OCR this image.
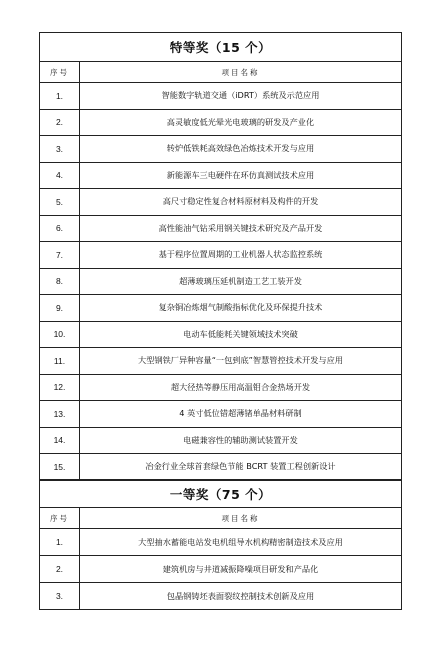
特等奖（15 个）	
序号	项目名称
1.	智能数字轨道交通（iDRT）系统及示范应用
2.	高灵敏度低光晕光电玻璃的研发及产业化
3.	转炉低铁耗高效绿色冶炼技术开发与应用
4.	新能源车三电硬件在环仿真测试技术应用
5.	高尺寸稳定性复合材料原材料及构件的开发
6.	高性能油气钻采用钢关键技术研究及产品开发
7.	基于程序位置周期的工业机器人状态监控系统
8.	超薄玻璃压延机制造工艺工装开发
9.	复杂铜冶炼烟气制酸指标优化及环保提升技术
10.	电动车低能耗关键领域技术突破
11.	大型钢铁厂异种容量“一包到底”智慧管控技术开发与应用
12.	超大径热等静压用高温钼合金热场开发
13.	4 英寸低位错超薄锗单晶材料研制
14.	电磁兼容性的辅助测试装置开发
15.	冶金行业全球首套绿色节能 BCRT 装置工程创新设计
一等奖（75 个）	
序号	项目名称
1.	大型抽水蓄能电站发电机组导水机构精密制造技术及应用
2.	建筑机房与井道减振降噪项目研发和产品化
3.	包晶钢铸坯表面裂纹控制技术创新及应用
